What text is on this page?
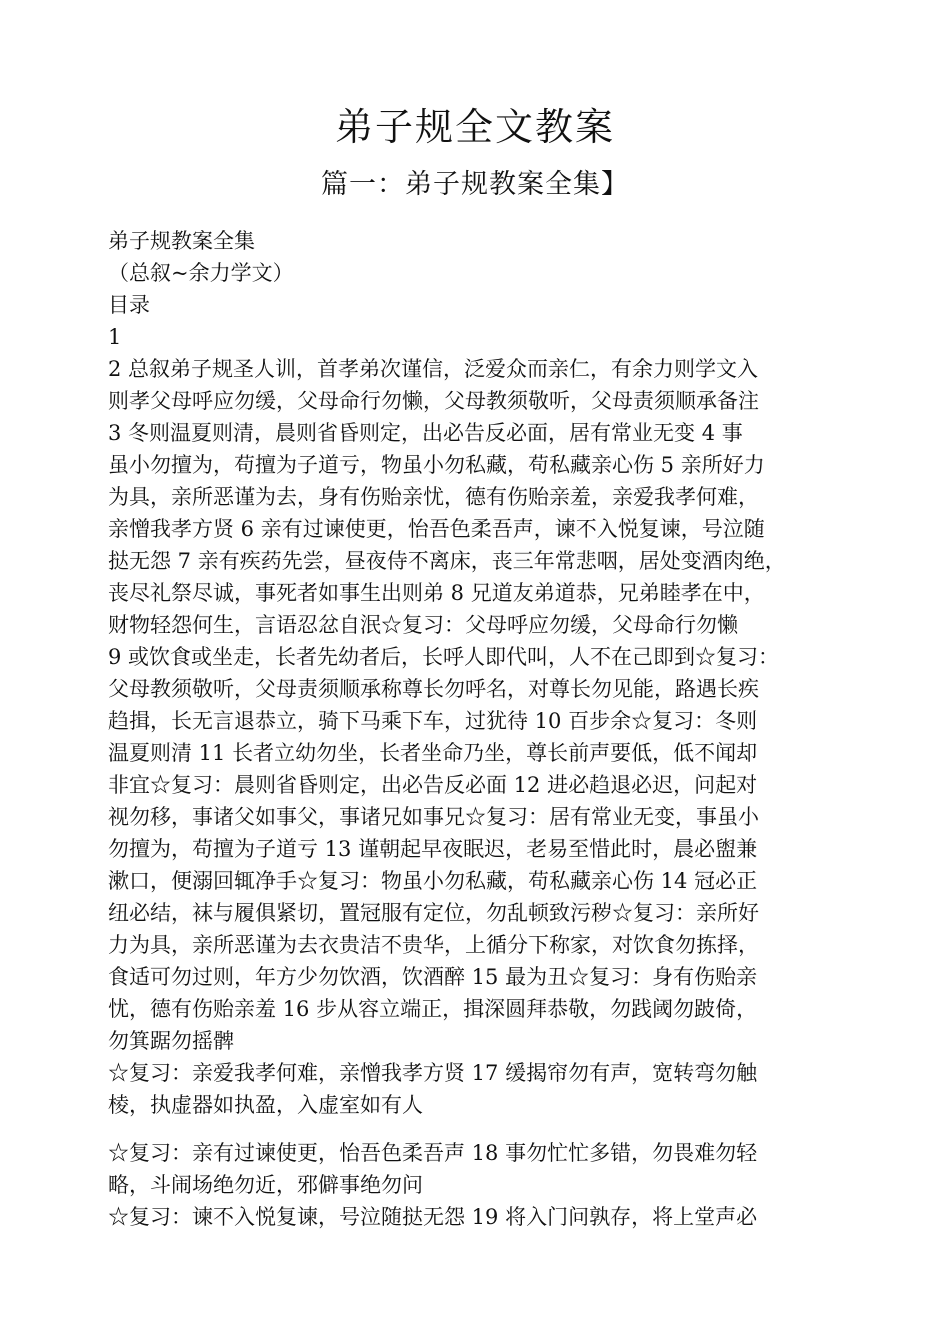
弟子规全文教案
篇一：弟子规教案全集】
弟子规教案全集
（总叙~余力学文）
目录
1
2 总叙弟子规圣人训，首孝弟次谨信，泛爱众而亲仁，有余力则学文入
则孝父母呼应勿缓，父母命行勿懒，父母教须敬听，父母责须顺承备注
3 冬则温夏则清，晨则省昏则定，出必告反必面，居有常业无变 4 事
虽小勿擅为，苟擅为子道亏，物虽小勿私藏，苟私藏亲心伤 5 亲所好力
为具，亲所恶谨为去，身有伤贻亲忧，德有伤贻亲羞，亲爱我孝何难，
亲憎我孝方贤 6 亲有过谏使更，怡吾色柔吾声，谏不入悦复谏，号泣随
挞无怨 7 亲有疾药先尝，昼夜侍不离床，丧三年常悲咽，居处变酒肉绝，
丧尽礼祭尽诚，事死者如事生出则弟 8 兄道友弟道恭，兄弟睦孝在中，
财物轻怨何生，言语忍忿自泯☆复习：父母呼应勿缓，父母命行勿懒
9 或饮食或坐走，长者先幼者后，长呼人即代叫，人不在己即到☆复习：
父母教须敬听，父母责须顺承称尊长勿呼名，对尊长勿见能，路遇长疾
趋揖，长无言退恭立，骑下马乘下车，过犹待 10 百步余☆复习：冬则
温夏则清 11 长者立幼勿坐，长者坐命乃坐，尊长前声要低，低不闻却
非宜☆复习：晨则省昏则定，出必告反必面 12 进必趋退必迟，问起对
视勿移，事诸父如事父，事诸兄如事兄☆复习：居有常业无变，事虽小
勿擅为，苟擅为子道亏 13 谨朝起早夜眠迟，老易至惜此时，晨必盥兼
漱口，便溺回辄净手☆复习：物虽小勿私藏，苟私藏亲心伤 14 冠必正
纽必结，袜与履俱紧切，置冠服有定位，勿乱顿致污秽☆复习：亲所好
力为具，亲所恶谨为去衣贵洁不贵华，上循分下称家，对饮食勿拣择，
食适可勿过则，年方少勿饮酒，饮酒醉 15 最为丑☆复习：身有伤贻亲
忧，德有伤贻亲羞 16 步从容立端正，揖深圆拜恭敬，勿践阈勿跛倚，
勿箕踞勿摇髀
☆复习：亲爱我孝何难，亲憎我孝方贤 17 缓揭帘勿有声，宽转弯勿触
棱，执虚器如执盈，入虚室如有人
☆复习：亲有过谏使更，怡吾色柔吾声 18 事勿忙忙多错，勿畏难勿轻
略，斗闹场绝勿近，邪僻事绝勿问
☆复习：谏不入悦复谏，号泣随挞无怨 19 将入门问孰存，将上堂声必
